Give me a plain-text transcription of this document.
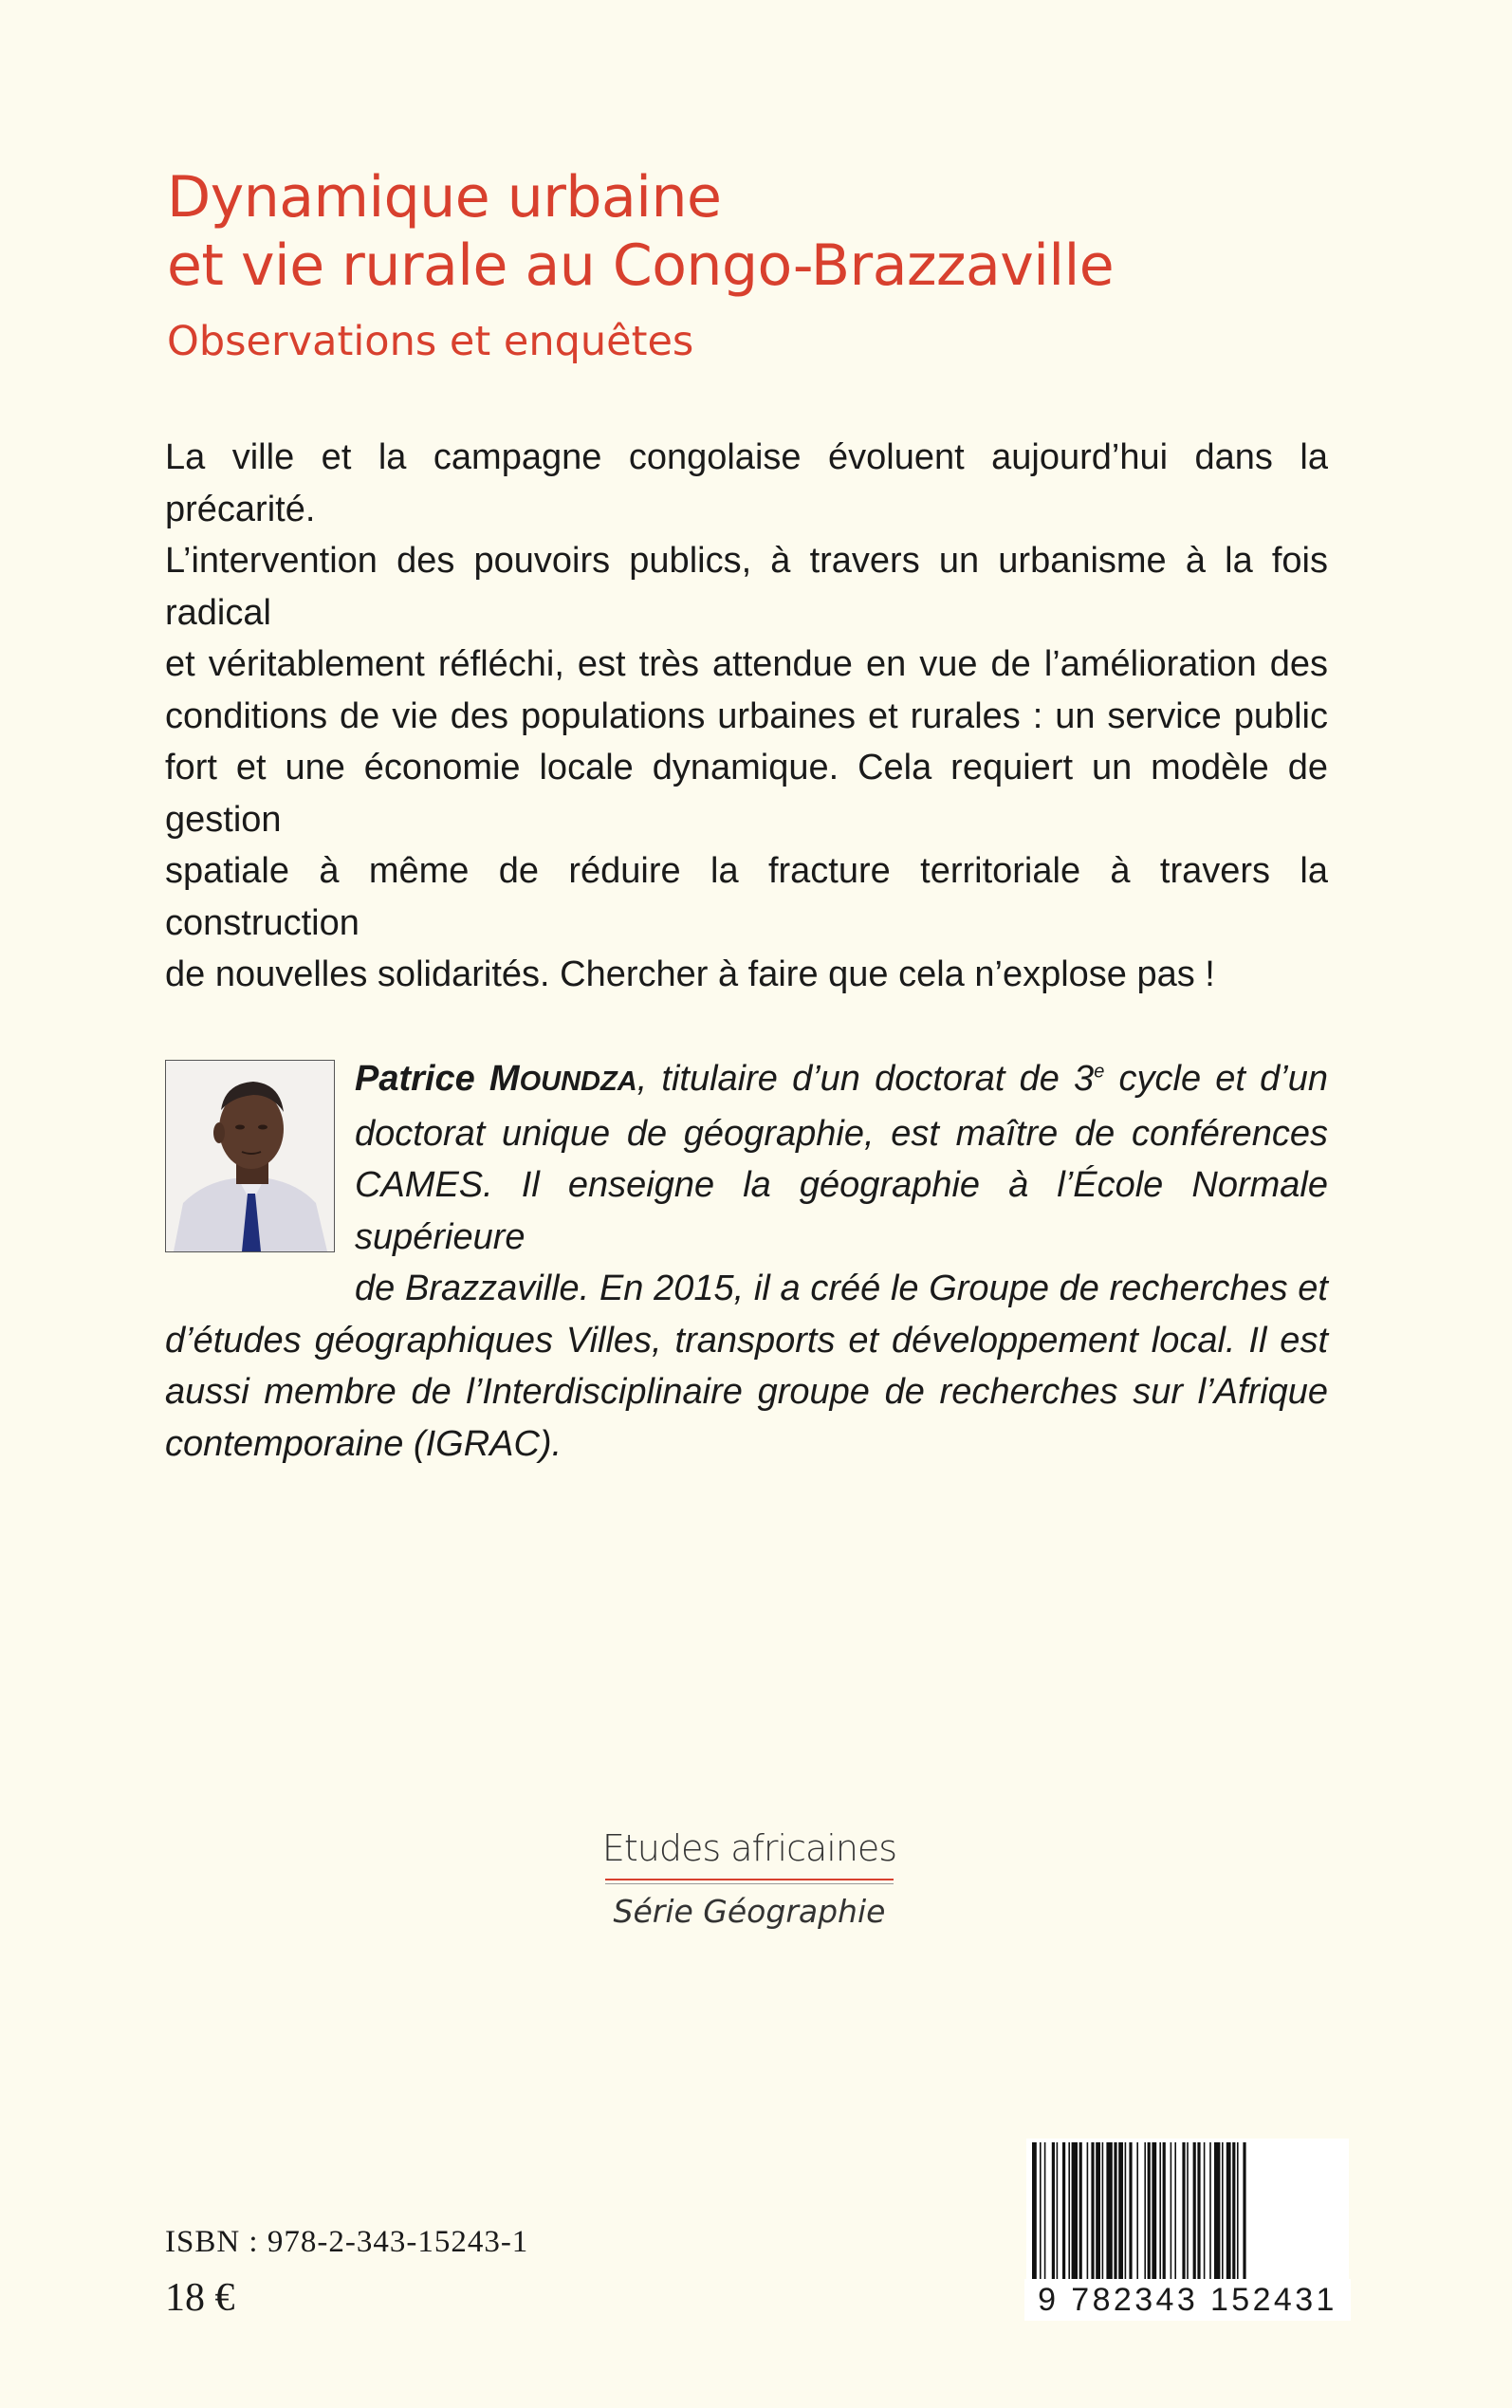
Dynamique urbaine
et vie rurale au Congo-Brazzaville
Observations et enquêtes
La ville et la campagne congolaise évoluent aujourd’hui dans la précarité.
L’intervention des pouvoirs publics, à travers un urbanisme à la fois radical
et véritablement réfléchi, est très attendue en vue de l’amélioration des
conditions de vie des populations urbaines et rurales : un service public
fort et une économie locale dynamique. Cela requiert un modèle de gestion
spatiale à même de réduire la fracture territoriale à travers la construction
de nouvelles solidarités. Chercher à faire que cela n’explose pas !
Patrice MOUNDZA, titulaire d’un doctorat de 3e cycle et d’un
doctorat unique de géographie, est maître de conférences
CAMES. Il enseigne la géographie à l’École Normale supérieure
de Brazzaville. En 2015, il a créé le Groupe de recherches et
d’études géographiques Villes, transports et développement local. Il est
aussi membre de l’Interdisciplinaire groupe de recherches sur l’Afrique
contemporaine (IGRAC).
Etudes africaines
Série Géographie
ISBN : 978-2-343-15243-1
18 €	9 782343 152431
